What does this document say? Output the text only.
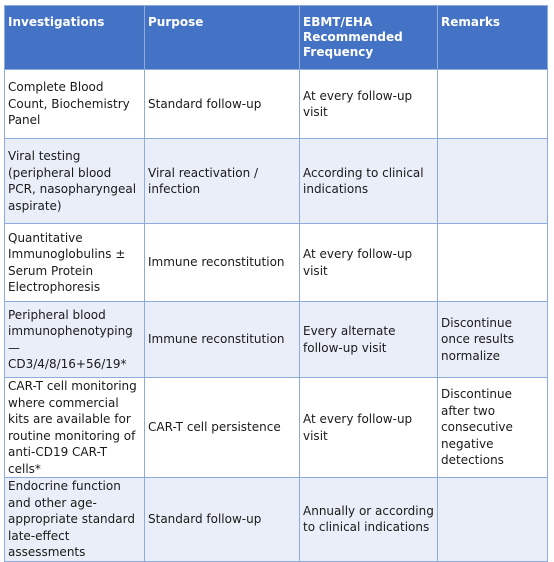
Investigations	Purpose	EBMT/EHA Recommended Frequency	Remarks
Complete Blood Count, Biochemistry Panel	Standard follow-up	At every follow-up visit	
Viral testing (peripheral blood PCR, nasopharyngeal aspirate)	Viral reactivation / infection	According to clinical indications	
Quantitative Immunoglobulins ± Serum Protein Electrophoresis	Immune reconstitution	At every follow-up visit	
Peripheral blood immunophenotyping — CD3/4/8/16+56/19*	Immune reconstitution	Every alternate follow-up visit	Discontinue once results normalize
CAR-T cell monitoring where commercial kits are available for routine monitoring of anti-CD19 CAR-T cells*	CAR-T cell persistence	At every follow-up visit	Discontinue after two consecutive negative detections
Endocrine function and other age-appropriate standard late-effect assessments	Standard follow-up	Annually or according to clinical indications	
